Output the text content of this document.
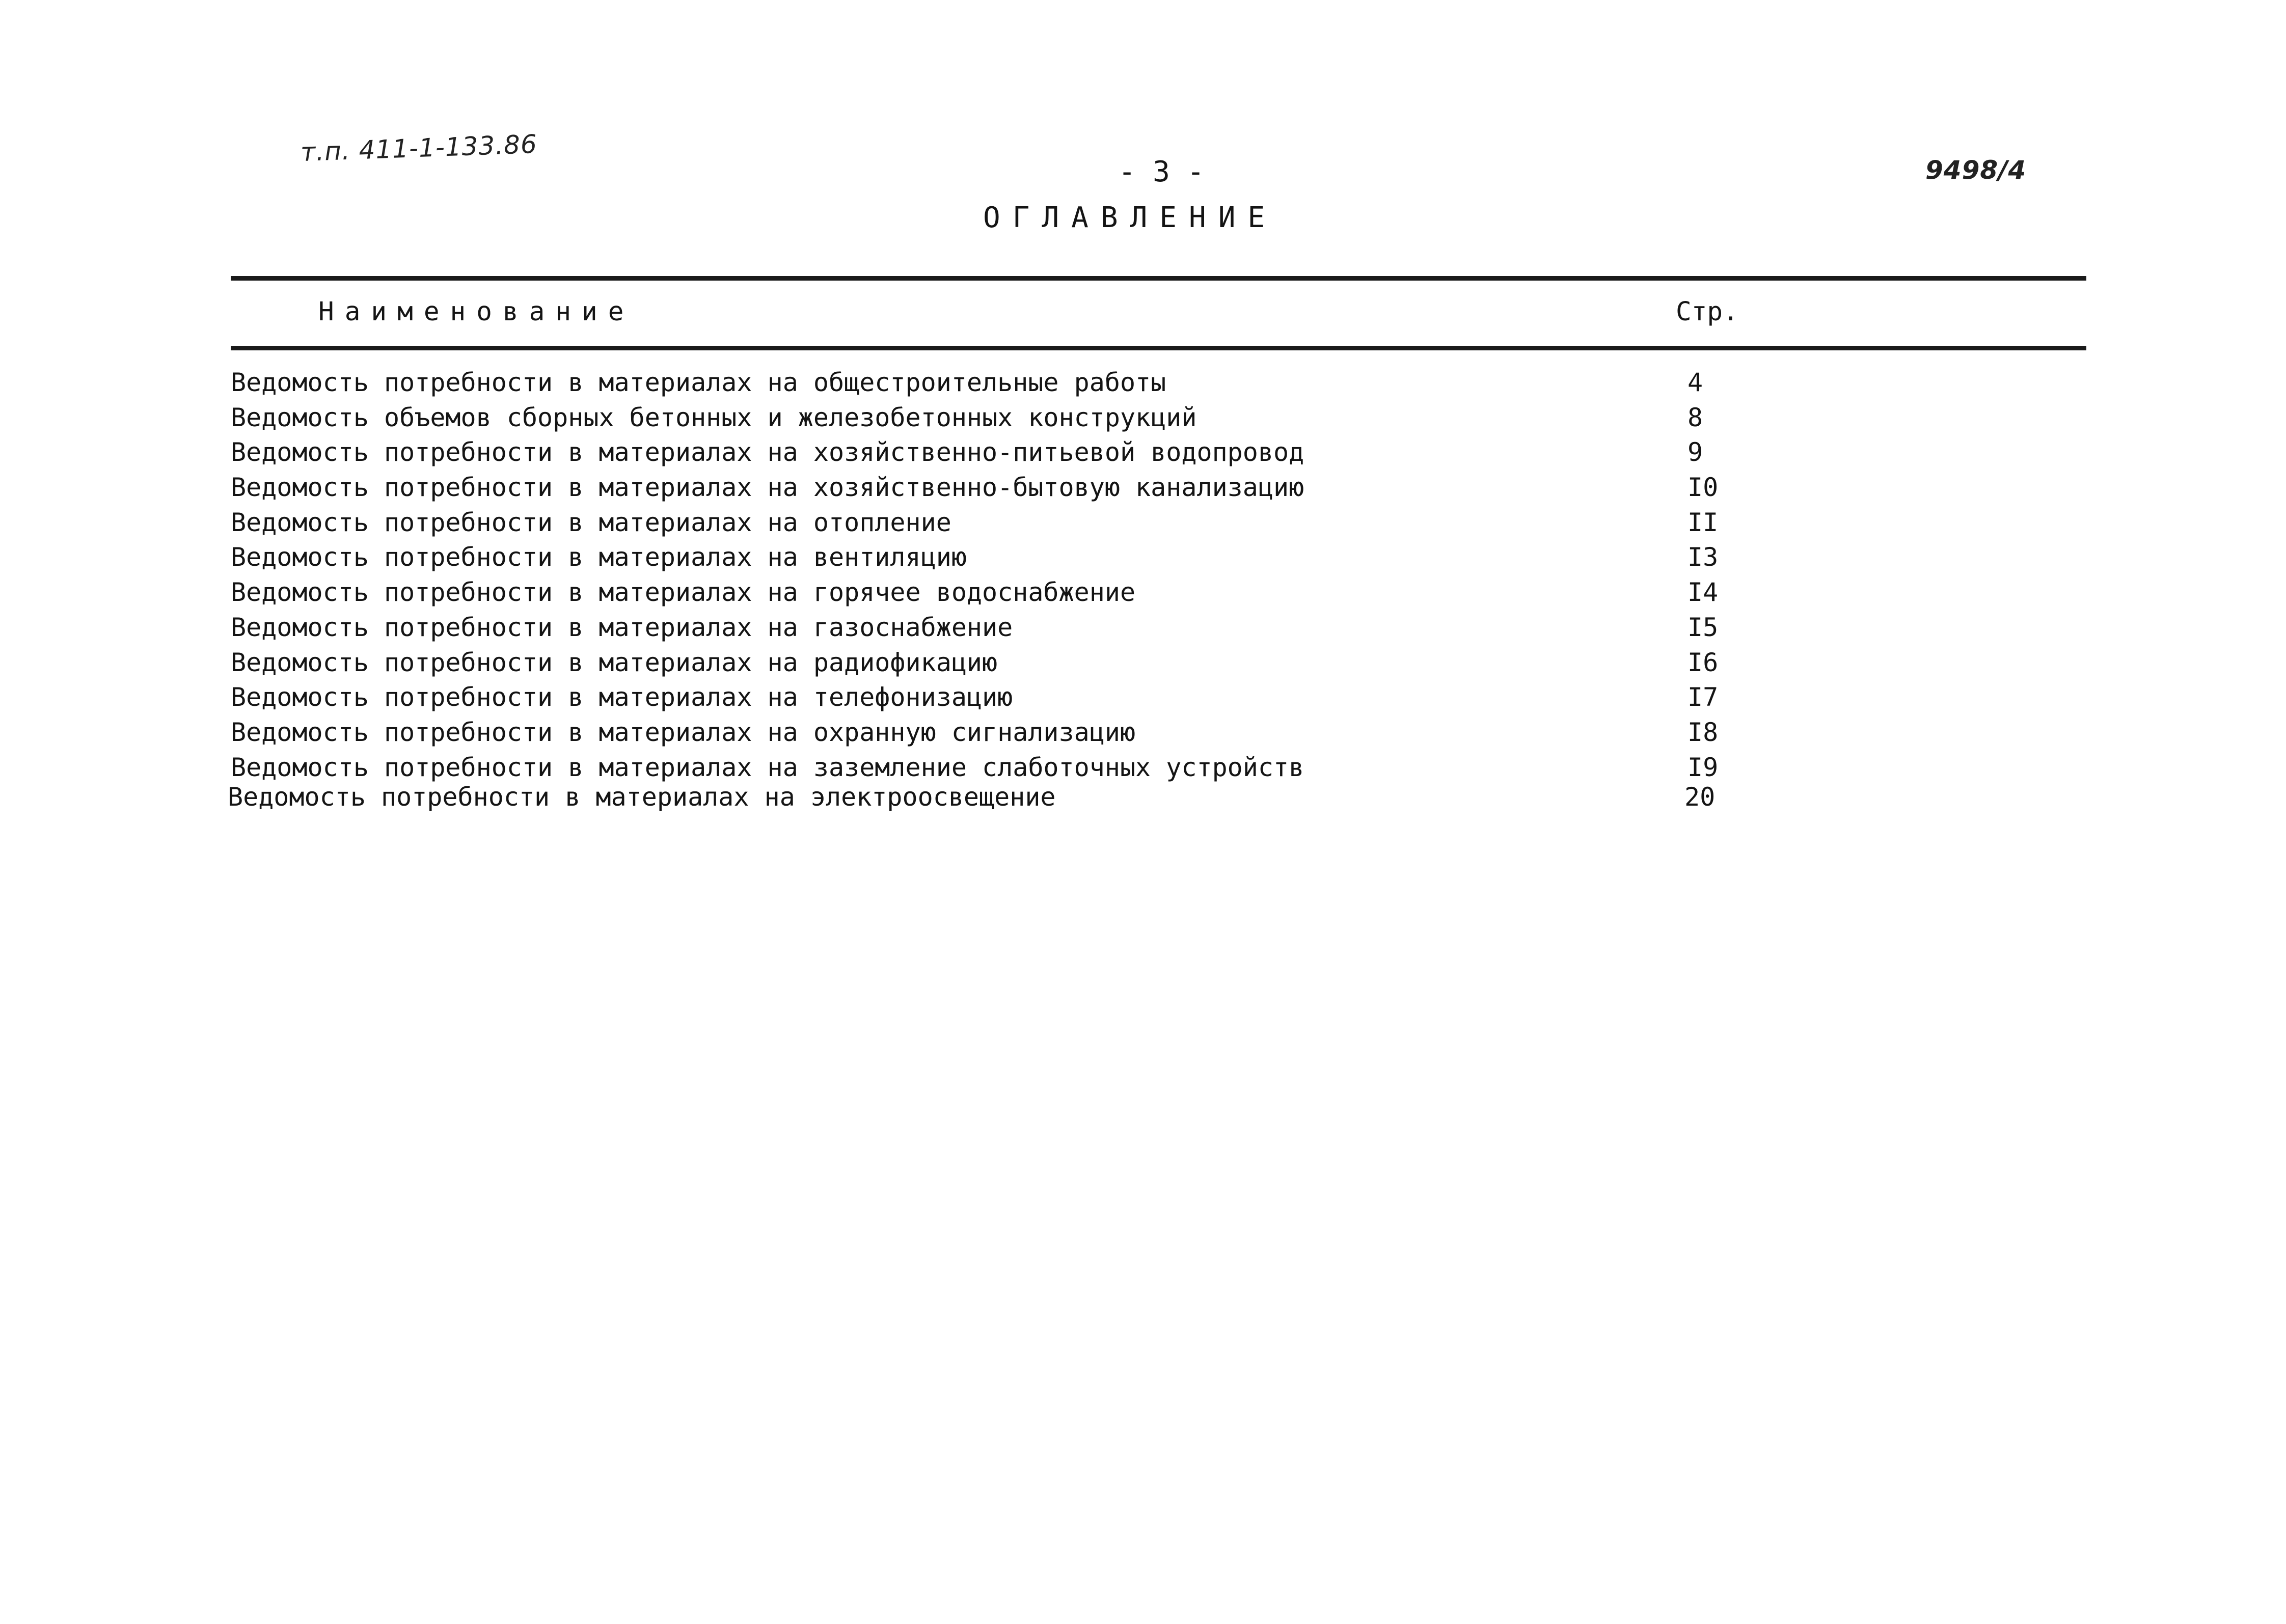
т.п. 411-1-133.86
- 3 -	9498/4
ОГЛАВЛЕНИЕ
Наименование	Стр.
Ведомость потребности в материалах на общестроительные работы	4
Ведомость объемов сборных бетонных и железобетонных конструкций	8
Ведомость потребности в материалах на хозяйственно-питьевой водопровод	9
Ведомость потребности в материалах на хозяйственно-бытовую канализацию	I0
Ведомость потребности в материалах на отопление	II
Ведомость потребности в материалах на вентиляцию	I3
Ведомость потребности в материалах на горячее водоснабжение	I4
Ведомость потребности в материалах на газоснабжение	I5
Ведомость потребности в материалах на радиофикацию	I6
Ведомость потребности в материалах на телефонизацию	I7
Ведомость потребности в материалах на охранную сигнализацию	I8
Ведомость потребности в материалах на заземление слаботочных устройств	I9
Ведомость потребности в материалах на электроосвещение	20
